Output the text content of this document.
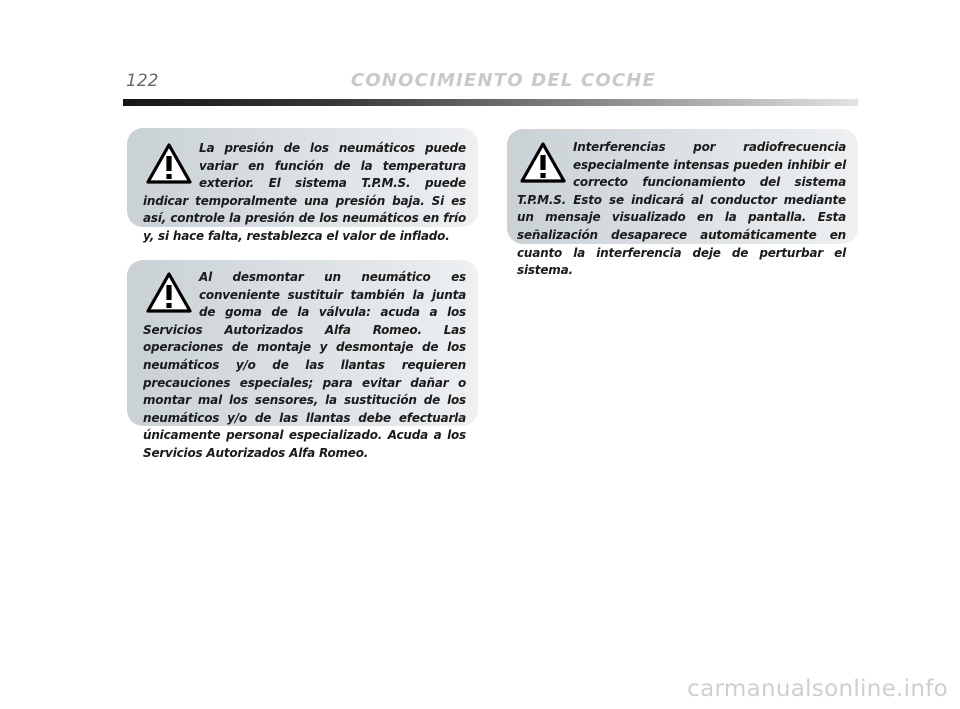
122	CONOCIMIENTO DEL COCHE

La presión de los neumáticos puede variar en función de la temperatura exterior. El sistema T.P.M.S. puede indicar temporalmente una presión baja. Si es así, controle la presión de los neumáticos en frío y, si hace falta, restablezca el valor de inflado.

Al desmontar un neumático es conveniente sustituir también la junta de goma de la válvula: acuda a los Servicios Autorizados Alfa Romeo. Las operaciones de montaje y desmontaje de los neumáticos y/o de las llantas requieren precauciones especiales; para evitar dañar o montar mal los sensores, la sustitución de los neumáticos y/o de las llantas debe efectuarla únicamente personal especializado. Acuda a los Servicios Autorizados Alfa Romeo.

Interferencias por radiofrecuencia especialmente intensas pueden inhibir el correcto funcionamiento del sistema T.P.M.S. Esto se indicará al conductor mediante un mensaje visualizado en la pantalla. Esta señalización desaparece automáticamente en cuanto la interferencia deje de perturbar el sistema.

carmanualsonline.info
